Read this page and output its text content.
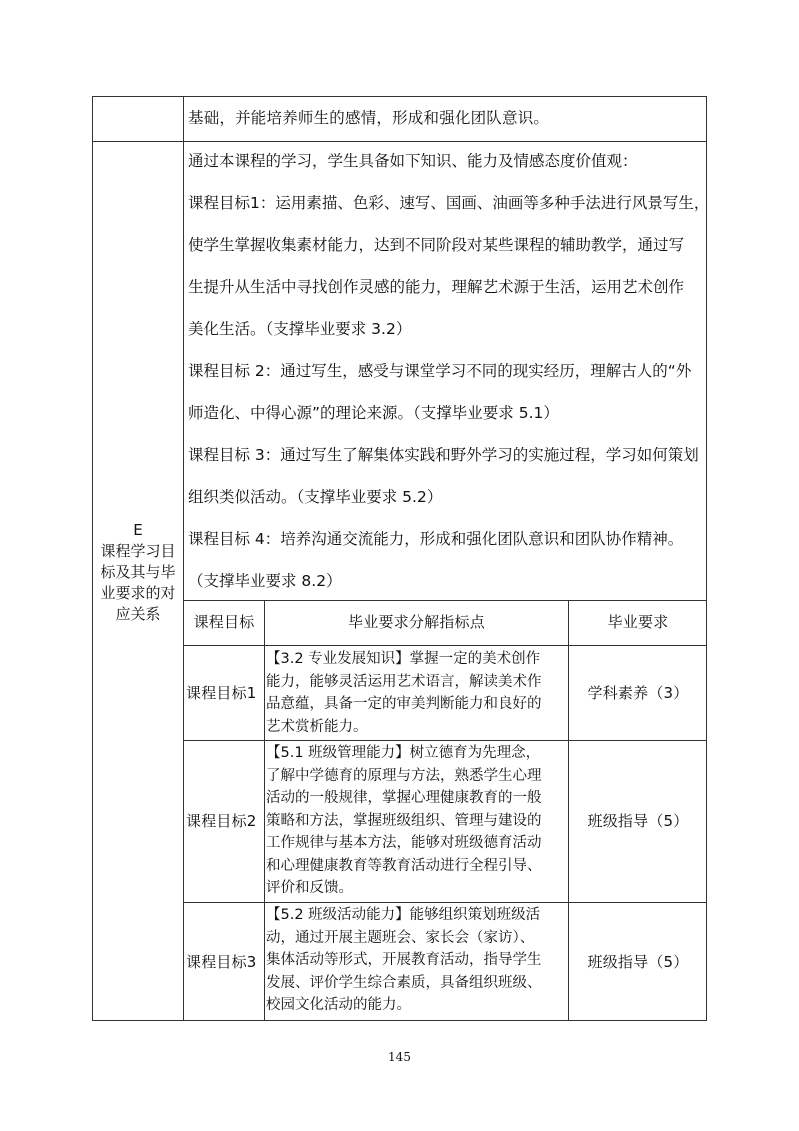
基础，并能培养师生的感情，形成和强化团队意识。
E
课程学习目
标及其与毕
业要求的对
应关系

通过本课程的学习，学生具备如下知识、能力及情感态度价值观：

课程目标1：运用素描、色彩、速写、国画、油画等多种手法进行风景写生，

使学生掌握收集素材能力，达到不同阶段对某些课程的辅助教学，通过写

生提升从生活中寻找创作灵感的能力，理解艺术源于生活，运用艺术创作

美化生活。（支撑毕业要求 3.2）

课程目标 2：通过写生，感受与课堂学习不同的现实经历，理解古人的“外

师造化、中得心源”的理论来源。（支撑毕业要求 5.1）

课程目标 3：通过写生了解集体实践和野外学习的实施过程，学习如何策划

组织类似活动。（支撑毕业要求 5.2）

课程目标 4：培养沟通交流能力，形成和强化团队意识和团队协作精神。

（支撑毕业要求 8.2）

课程目标	毕业要求分解指标点	毕业要求
课程目标1
【3.2 专业发展知识】掌握一定的美术创作
能力，能够灵活运用艺术语言，解读美术作
品意蕴，具备一定的审美判断能力和良好的
艺术赏析能力。
学科素养（3）
课程目标2
【5.1 班级管理能力】树立德育为先理念，
了解中学德育的原理与方法，熟悉学生心理
活动的一般规律，掌握心理健康教育的一般
策略和方法，掌握班级组织、管理与建设的
工作规律与基本方法，能够对班级德育活动
和心理健康教育等教育活动进行全程引导、
评价和反馈。
班级指导（5）
课程目标3
【5.2 班级活动能力】能够组织策划班级活
动，通过开展主题班会、家长会（家访）、
集体活动等形式，开展教育活动，指导学生
发展、评价学生综合素质，具备组织班级、
校园文化活动的能力。
班级指导（5）
145
